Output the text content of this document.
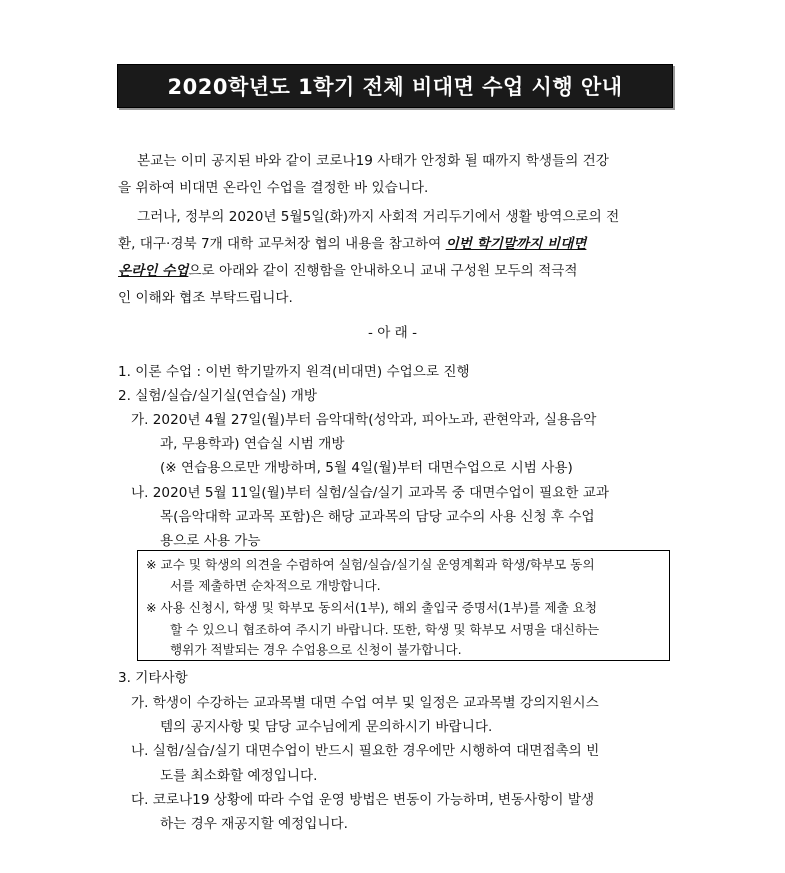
2020학년도 1학기 전체 비대면 수업 시행 안내
본교는 이미 공지된 바와 같이 코로나19 사태가 안정화 될 때까지 학생들의 건강
을 위하여 비대면 온라인 수업을 결정한 바 있습니다.
그러나, 정부의 2020년 5월5일(화)까지 사회적 거리두기에서 생활 방역으로의 전
환, 대구·경북 7개 대학 교무처장 협의 내용을 참고하여 이번 학기말까지 비대면
온라인 수업으로 아래와 같이 진행함을 안내하오니 교내 구성원 모두의 적극적
인 이해와 협조 부탁드립니다.
- 아 래 -
1. 이론 수업 : 이번 학기말까지 원격(비대면) 수업으로 진행
2. 실험/실습/실기실(연습실) 개방
가. 2020년 4월 27일(월)부터 음악대학(성악과, 피아노과, 관현악과, 실용음악
과, 무용학과) 연습실 시범 개방
(※ 연습용으로만 개방하며, 5월 4일(월)부터 대면수업으로 시범 사용)
나. 2020년 5월 11일(월)부터 실험/실습/실기 교과목 중 대면수업이 필요한 교과
목(음악대학 교과목 포함)은 해당 교과목의 담당 교수의 사용 신청 후 수업
용으로 사용 가능
※ 교수 및 학생의 의견을 수렴하여 실험/실습/실기실 운영계획과 학생/학부모 동의
서를 제출하면 순차적으로 개방합니다.
※ 사용 신청시, 학생 및 학부모 동의서(1부), 해외 출입국 증명서(1부)를 제출 요청
할 수 있으니 협조하여 주시기 바랍니다. 또한, 학생 및 학부모 서명을 대신하는
행위가 적발되는 경우 수업용으로 신청이 불가합니다.
3. 기타사항
가. 학생이 수강하는 교과목별 대면 수업 여부 및 일정은 교과목별 강의지원시스
템의 공지사항 및 담당 교수님에게 문의하시기 바랍니다.
나. 실험/실습/실기 대면수업이 반드시 필요한 경우에만 시행하여 대면접촉의 빈
도를 최소화할 예정입니다.
다. 코로나19 상황에 따라 수업 운영 방법은 변동이 가능하며, 변동사항이 발생
하는 경우 재공지할 예정입니다.
